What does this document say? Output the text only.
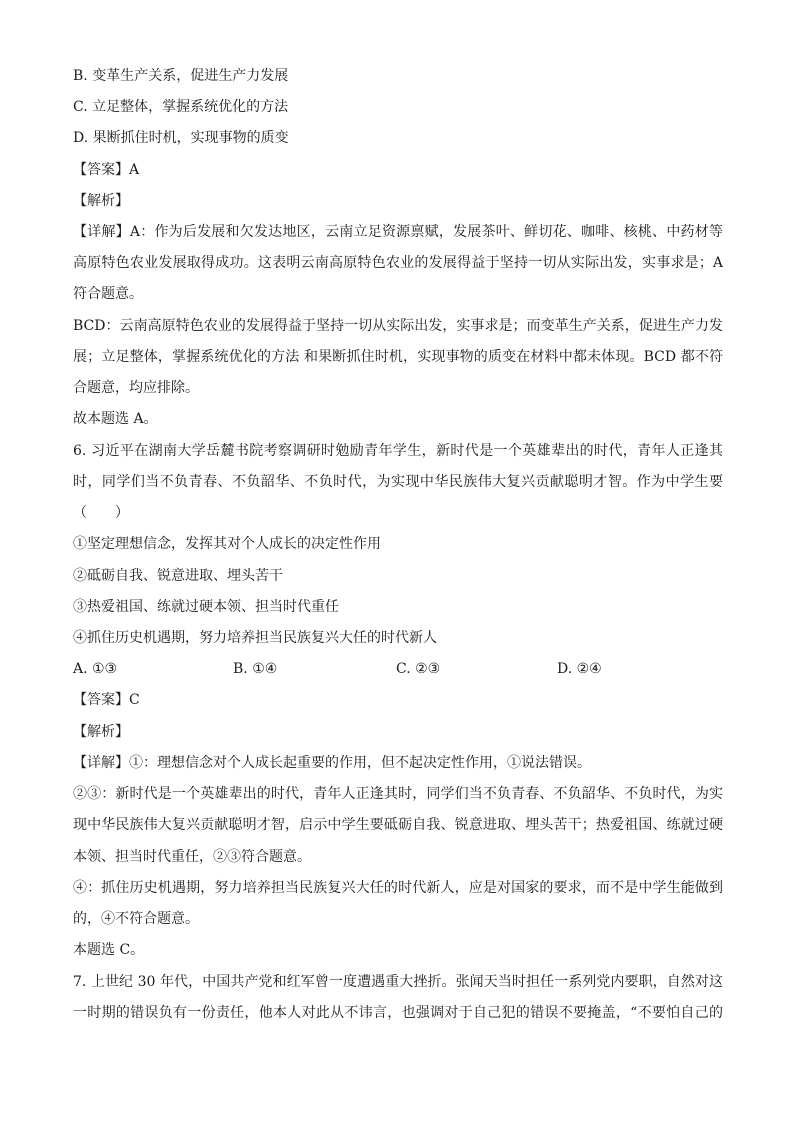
B. 变革生产关系，促进生产力发展
C. 立足整体，掌握系统优化的方法
D. 果断抓住时机，实现事物的质变
【答案】A
【解析】
【详解】A：作为后发展和欠发达地区，云南立足资源禀赋，发展茶叶、鲜切花、咖啡、核桃、中药材等
高原特色农业发展取得成功。这表明云南高原特色农业的发展得益于坚持一切从实际出发，实事求是；A
符合题意。
BCD：云南高原特色农业的发展得益于坚持一切从实际出发，实事求是；而变革生产关系，促进生产力发
展；立足整体，掌握系统优化的方法 和果断抓住时机，实现事物的质变在材料中都未体现。BCD 都不符
合题意，均应排除。
故本题选 A。
6. 习近平在湖南大学岳麓书院考察调研时勉励青年学生，新时代是一个英雄辈出的时代，青年人正逢其
时，同学们当不负青春、不负韶华、不负时代，为实现中华民族伟大复兴贡献聪明才智。作为中学生要
（　　）
①坚定理想信念，发挥其对个人成长的决定性作用
②砥砺自我、锐意进取、埋头苦干
③热爱祖国、练就过硬本领、担当时代重任
④抓住历史机遇期，努力培养担当民族复兴大任的时代新人
A. ①③	B. ①④	C. ②③	D. ②④
【答案】C
【解析】
【详解】①：理想信念对个人成长起重要的作用，但不起决定性作用，①说法错误。
②③：新时代是一个英雄辈出的时代，青年人正逢其时，同学们当不负青春、不负韶华、不负时代，为实
现中华民族伟大复兴贡献聪明才智，启示中学生要砥砺自我、锐意进取、埋头苦干；热爱祖国、练就过硬
本领、担当时代重任，②③符合题意。
④：抓住历史机遇期，努力培养担当民族复兴大任的时代新人，应是对国家的要求，而不是中学生能做到
的，④不符合题意。
本题选 C。
7. 上世纪 30 年代，中国共产党和红军曾一度遭遇重大挫折。张闻天当时担任一系列党内要职，自然对这
一时期的错误负有一份责任，他本人对此从不讳言，也强调对于自己犯的错误不要掩盖，“不要怕自己的
